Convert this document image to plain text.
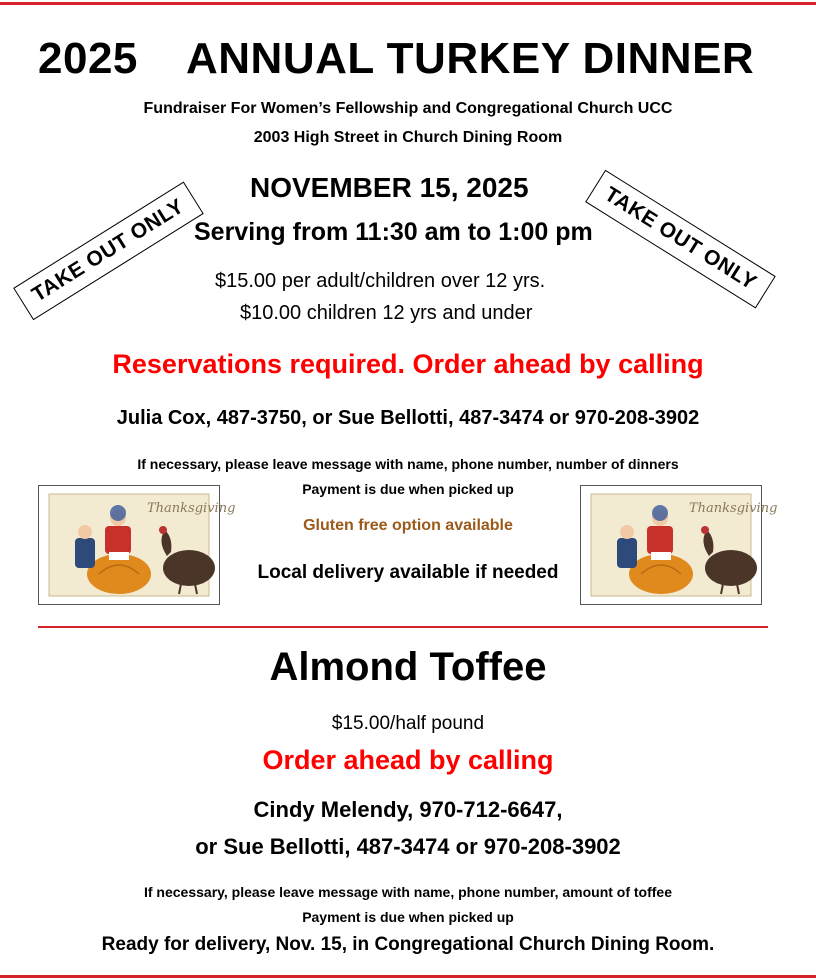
2025 ANNUAL TURKEY DINNER
Fundraiser For Women’s Fellowship and Congregational Church UCC
2003 High Street in Church Dining Room
TAKE OUT ONLY	TAKE OUT ONLY
NOVEMBER 15, 2025
Serving from 11:30 am to 1:00 pm
$15.00 per adult/children over 12 yrs.
$10.00 children 12 yrs and under
Reservations required. Order ahead by calling
Julia Cox, 487-3750, or Sue Bellotti, 487-3474 or 970-208-3902
If necessary, please leave message with name, phone number, number of dinners
Payment is due when picked up
Gluten free option available
Local delivery available if needed
Thanksgiving	Thanksgiving
Almond Toffee
$15.00/half pound
Order ahead by calling
Cindy Melendy, 970-712-6647,
or Sue Bellotti, 487-3474 or 970-208-3902
If necessary, please leave message with name, phone number, amount of toffee
Payment is due when picked up
Ready for delivery, Nov. 15, in Congregational Church Dining Room.
